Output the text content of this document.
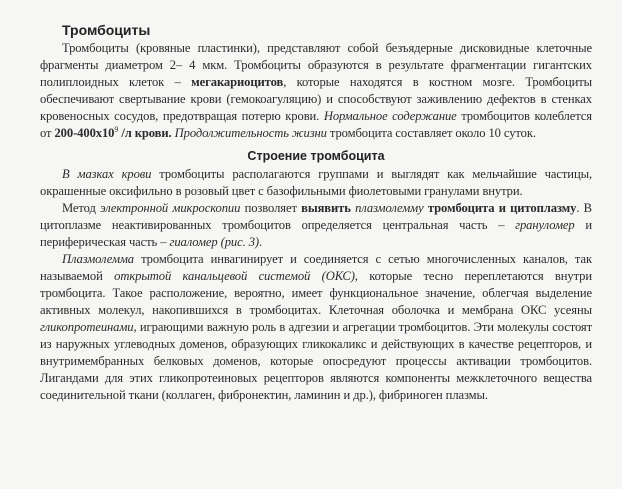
Тромбоциты

Тромбоциты (кровяные пластинки), представляют собой безъядерные дисковидные клеточные фрагменты диаметром 2– 4 мкм. Тромбоциты образуются в результате фрагментации гигантских полиплоидных клеток – мегакариоцитов, которые находятся в костном мозге. Тромбоциты обеспечивают свертывание крови (гемокоагуляцию) и способствуют заживлению дефектов в стенках кровеносных сосудов, предотвращая потерю крови. Нормальное содержание тромбоцитов колеблется от $200-400х10^9$ /л крови. Продолжительность жизни тромбоцита составляет около 10 суток.

Строение тромбоцита

В мазках крови тромбоциты располагаются группами и выглядят как мельчайшие частицы, окрашенные оксифильно в розовый цвет с базофильными фиолетовыми гранулами внутри.

Метод электронной микроскопии позволяет выявить плазмолемму тромбоцита и цитоплазму. В цитоплазме неактивированных тромбоцитов определяется центральная часть – грануломер и периферическая часть – гиаломер (рис. 3).

Плазмолемма тромбоцита инвагинирует и соединяется с сетью многочисленных каналов, так называемой открытой канальцевой системой (ОКС), которые тесно переплетаются внутри тромбоцита. Такое расположение, вероятно, имеет функциональное значение, облегчая выделение активных молекул, накопившихся в тромбоцитах. Клеточная оболочка и мембрана ОКС усеяны гликопротеинами, играющими важную роль в адгезии и агрегации тромбоцитов. Эти молекулы состоят из наружных углеводных доменов, образующих гликокаликс и действующих в качестве рецепторов, и внутримембранных белковых доменов, которые опосредуют процессы активации тромбоцитов. Лигандами для этих гликопротеиновых рецепторов являются компоненты межклеточного вещества соединительной ткани (коллаген, фибронектин, ламинин и др.), фибриноген плазмы.
